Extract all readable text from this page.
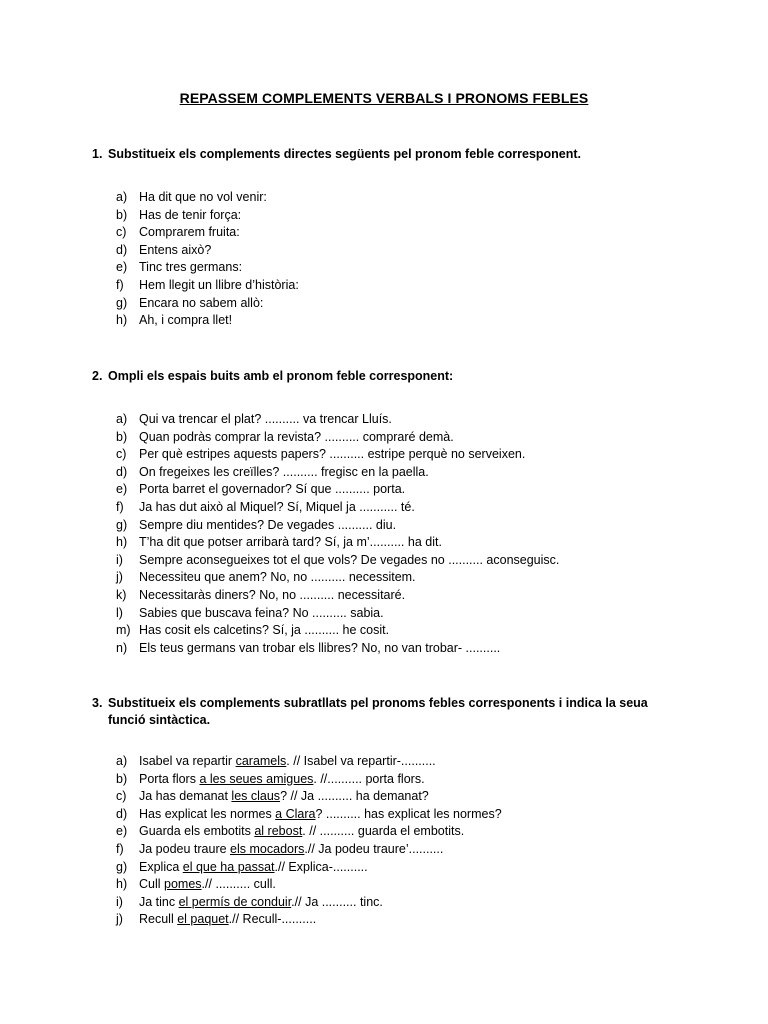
REPASSEM COMPLEMENTS VERBALS I PRONOMS FEBLES
1. Substitueix els complements directes següents pel pronom feble corresponent.
a) Ha dit que no vol venir:
b) Has de tenir força:
c) Comprarem fruita:
d) Entens això?
e) Tinc tres germans:
f) Hem llegit un llibre d’història:
g) Encara no sabem allò:
h) Ah, i compra llet!
2. Ompli els espais buits amb el pronom feble corresponent:
a) Qui va trencar el plat? .......... va trencar Lluís.
b) Quan podràs comprar la revista? .......... compraré demà.
c) Per què estripes aquests papers? .......... estripe perquè no serveixen.
d) On fregeixes les creïlles? .......... fregisc en la paella.
e) Porta barret el governador? Sí que .......... porta.
f) Ja has dut això al Miquel? Sí, Miquel ja ........... té.
g) Sempre diu mentides? De vegades .......... diu.
h) T’ha dit que potser arribarà tard? Sí, ja m’.......... ha dit.
i) Sempre aconsegueixes tot el que vols? De vegades no .......... aconseguisc.
j) Necessiteu que anem? No, no .......... necessitem.
k) Necessitaràs diners? No, no .......... necessitaré.
l) Sabies que buscava feina? No .......... sabia.
m) Has cosit els calcetins? Sí, ja .......... he cosit.
n) Els teus germans van trobar els llibres? No, no van trobar- ..........
3. Substitueix els complements subratllats pel pronoms febles corresponents i indica la seua
funció sintàctica.
a) Isabel va repartir caramels. // Isabel va repartir-..........
b) Porta flors a les seues amigues. //.......... porta flors.
c) Ja has demanat les claus? // Ja .......... ha demanat?
d) Has explicat les normes a Clara? .......... has explicat les normes?
e) Guarda els embotits al rebost. // .......... guarda el embotits.
f) Ja podeu traure els mocadors.// Ja podeu traure’..........
g) Explica el que ha passat.// Explica-..........
h) Cull pomes.// .......... cull.
i) Ja tinc el permís de conduir.// Ja .......... tinc.
j) Recull el paquet.// Recull-..........
